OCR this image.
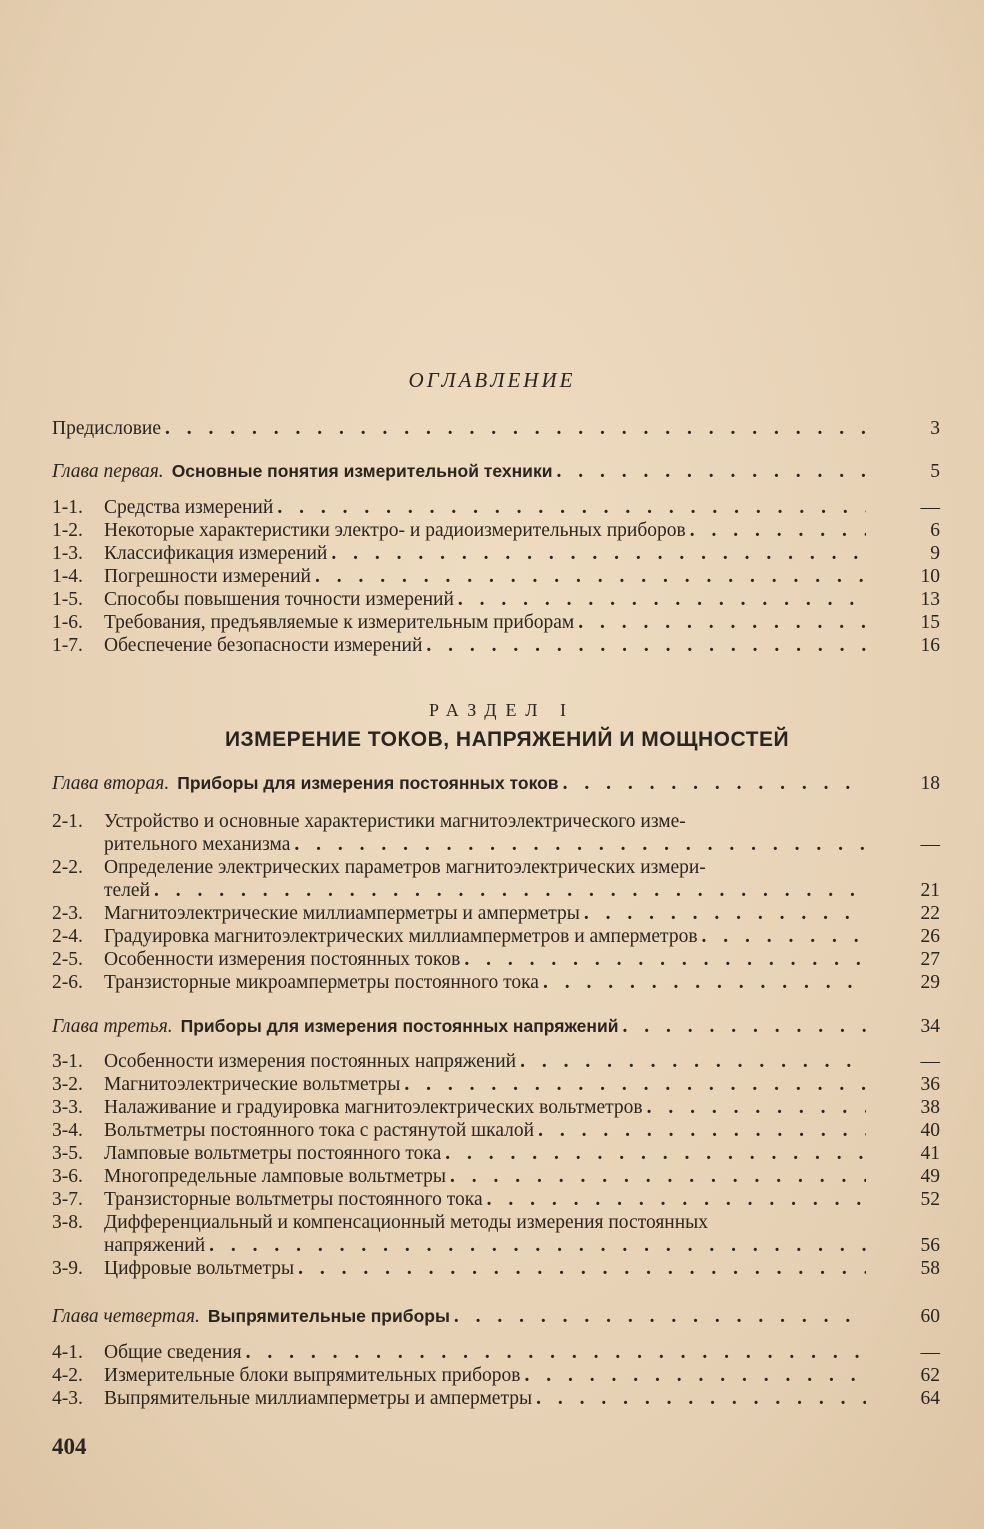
ОГЛАВЛЕНИЕ
Предисловие . . .	3
Глава первая. Основные понятия измерительной техники . . .	5
1-1.	Средства измерений . . .	—
1-2.	Некоторые характеристики электро- и радиоизмерительных приборов . . .	6
1-3.	Классификация измерений . . .	9
1-4.	Погрешности измерений . . .	10
1-5.	Способы повышения точности измерений . . .	13
1-6.	Требования, предъявляемые к измерительным приборам . . .	15
1-7.	Обеспечение безопасности измерений . . .	16
РАЗДЕЛ I
ИЗМЕРЕНИЕ ТОКОВ, НАПРЯЖЕНИЙ И МОЩНОСТЕЙ
Глава вторая. Приборы для измерения постоянных токов . . .	18
2-1.	Устройство и основные характеристики магнитоэлектрического изме-
рительного механизма . . .	—
2-2.	Определение электрических параметров магнитоэлектрических измери-
телей . . .	21
2-3.	Магнитоэлектрические миллиамперметры и амперметры . . .	22
2-4.	Градуировка магнитоэлектрических миллиамперметров и амперметров . . .	26
2-5.	Особенности измерения постоянных токов . . .	27
2-6.	Транзисторные микроамперметры постоянного тока . . .	29
Глава третья. Приборы для измерения постоянных напряжений . . .	34
3-1.	Особенности измерения постоянных напряжений . . .	—
3-2.	Магнитоэлектрические вольтметры . . .	36
3-3.	Налаживание и градуировка магнитоэлектрических вольтметров . . .	38
3-4.	Вольтметры постоянного тока с растянутой шкалой . . .	40
3-5.	Ламповые вольтметры постоянного тока . . .	41
3-6.	Многопредельные ламповые вольтметры . . .	49
3-7.	Транзисторные вольтметры постоянного тока . . .	52
3-8.	Дифференциальный и компенсационный методы измерения постоянных
напряжений . . .	56
3-9.	Цифровые вольтметры . . .	58
Глава четвертая. Выпрямительные приборы . . .	60
4-1.	Общие сведения . . .	—
4-2.	Измерительные блоки выпрямительных приборов . . .	62
4-3.	Выпрямительные миллиамперметры и амперметры . . .	64
404
